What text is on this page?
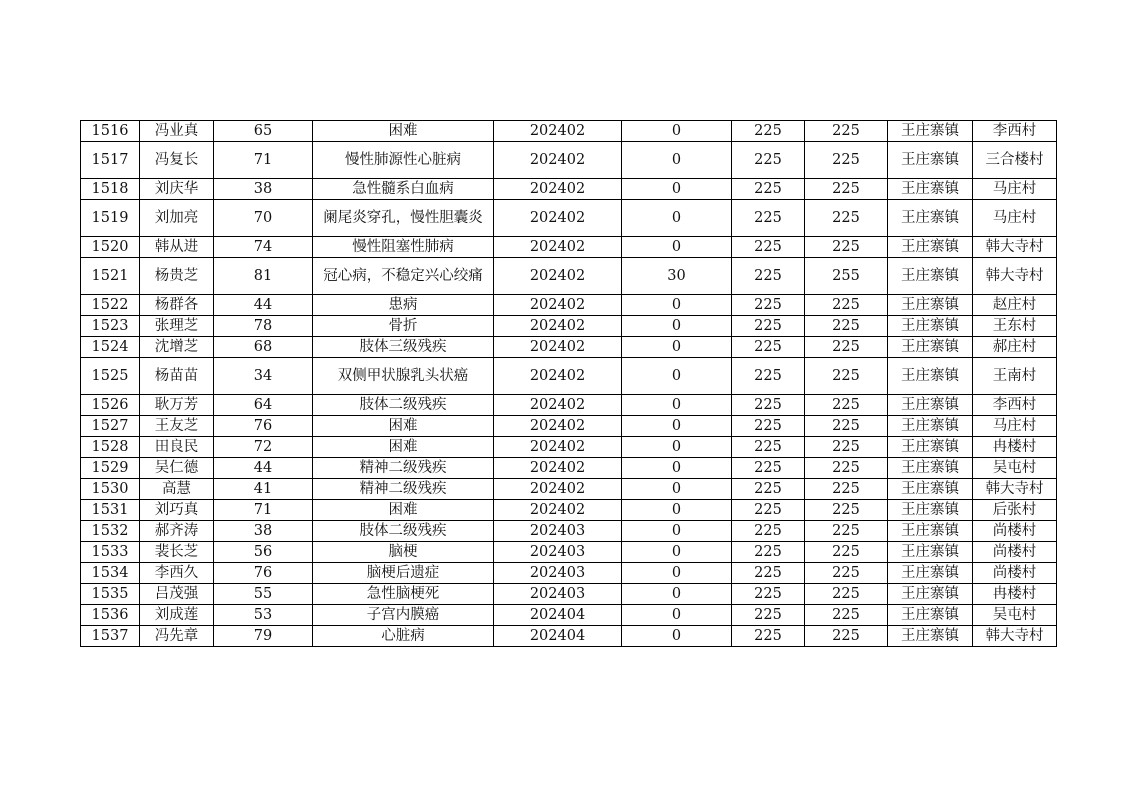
1516	冯业真	65	困难	202402	0	225	225	王庄寨镇	李西村
1517	冯复长	71	慢性肺源性心脏病	202402	0	225	225	王庄寨镇	三合楼村
1518	刘庆华	38	急性髓系白血病	202402	0	225	225	王庄寨镇	马庄村
1519	刘加亮	70	阑尾炎穿孔，慢性胆囊炎	202402	0	225	225	王庄寨镇	马庄村
1520	韩从进	74	慢性阻塞性肺病	202402	0	225	225	王庄寨镇	韩大寺村
1521	杨贵芝	81	冠心病，不稳定兴心绞痛	202402	30	225	255	王庄寨镇	韩大寺村
1522	杨群各	44	患病	202402	0	225	225	王庄寨镇	赵庄村
1523	张理芝	78	骨折	202402	0	225	225	王庄寨镇	王东村
1524	沈增芝	68	肢体三级残疾	202402	0	225	225	王庄寨镇	郝庄村
1525	杨苗苗	34	双侧甲状腺乳头状癌	202402	0	225	225	王庄寨镇	王南村
1526	耿万芳	64	肢体二级残疾	202402	0	225	225	王庄寨镇	李西村
1527	王友芝	76	困难	202402	0	225	225	王庄寨镇	马庄村
1528	田良民	72	困难	202402	0	225	225	王庄寨镇	冉楼村
1529	吴仁德	44	精神二级残疾	202402	0	225	225	王庄寨镇	吴屯村
1530	高慧	41	精神二级残疾	202402	0	225	225	王庄寨镇	韩大寺村
1531	刘巧真	71	困难	202402	0	225	225	王庄寨镇	后张村
1532	郝齐涛	38	肢体二级残疾	202403	0	225	225	王庄寨镇	尚楼村
1533	裴长芝	56	脑梗	202403	0	225	225	王庄寨镇	尚楼村
1534	李西久	76	脑梗后遗症	202403	0	225	225	王庄寨镇	尚楼村
1535	吕茂强	55	急性脑梗死	202403	0	225	225	王庄寨镇	冉楼村
1536	刘成莲	53	子宫内膜癌	202404	0	225	225	王庄寨镇	吴屯村
1537	冯先章	79	心脏病	202404	0	225	225	王庄寨镇	韩大寺村
